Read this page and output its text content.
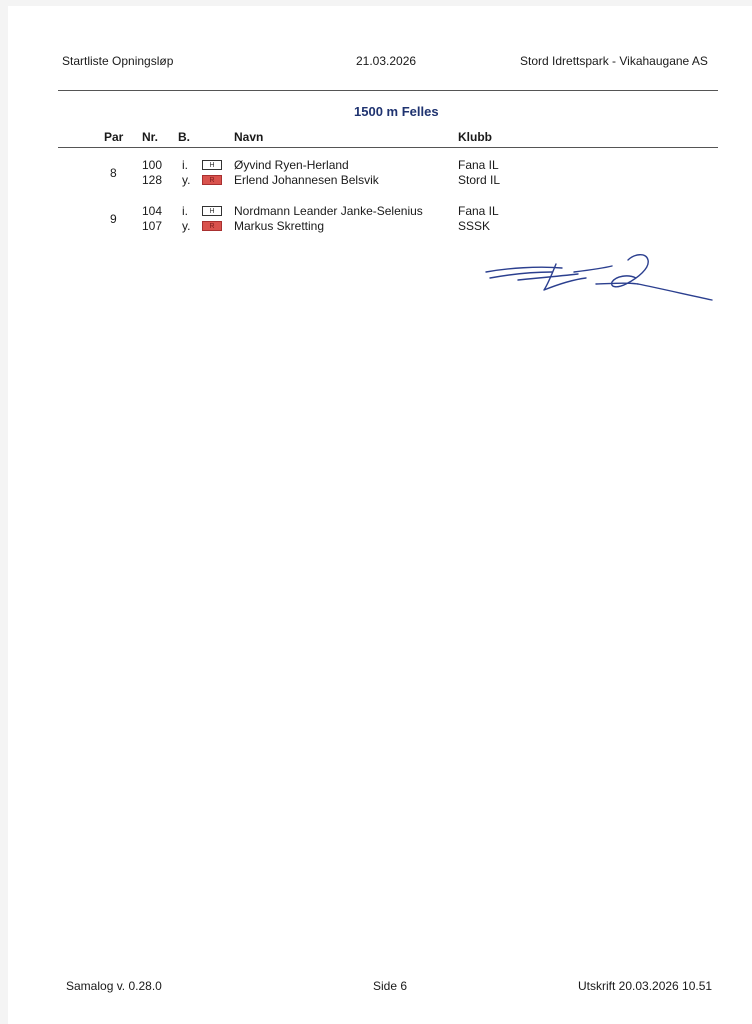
Startliste Opningsløp	21.03.2026	Stord Idrettspark - Vikahaugane AS
1500 m Felles
Par Nr. B.	Navn	Klubb
8
100 i.	H	Øyvind Ryen-Herland	Fana IL
128 y.	R	Erlend Johannesen Belsvik	Stord IL
9
104 i.	H	Nordmann Leander Janke-Selenius	Fana IL
107 y.	R	Markus Skretting	SSSK
Samalog v. 0.28.0	Side 6	Utskrift 20.03.2026 10.51
